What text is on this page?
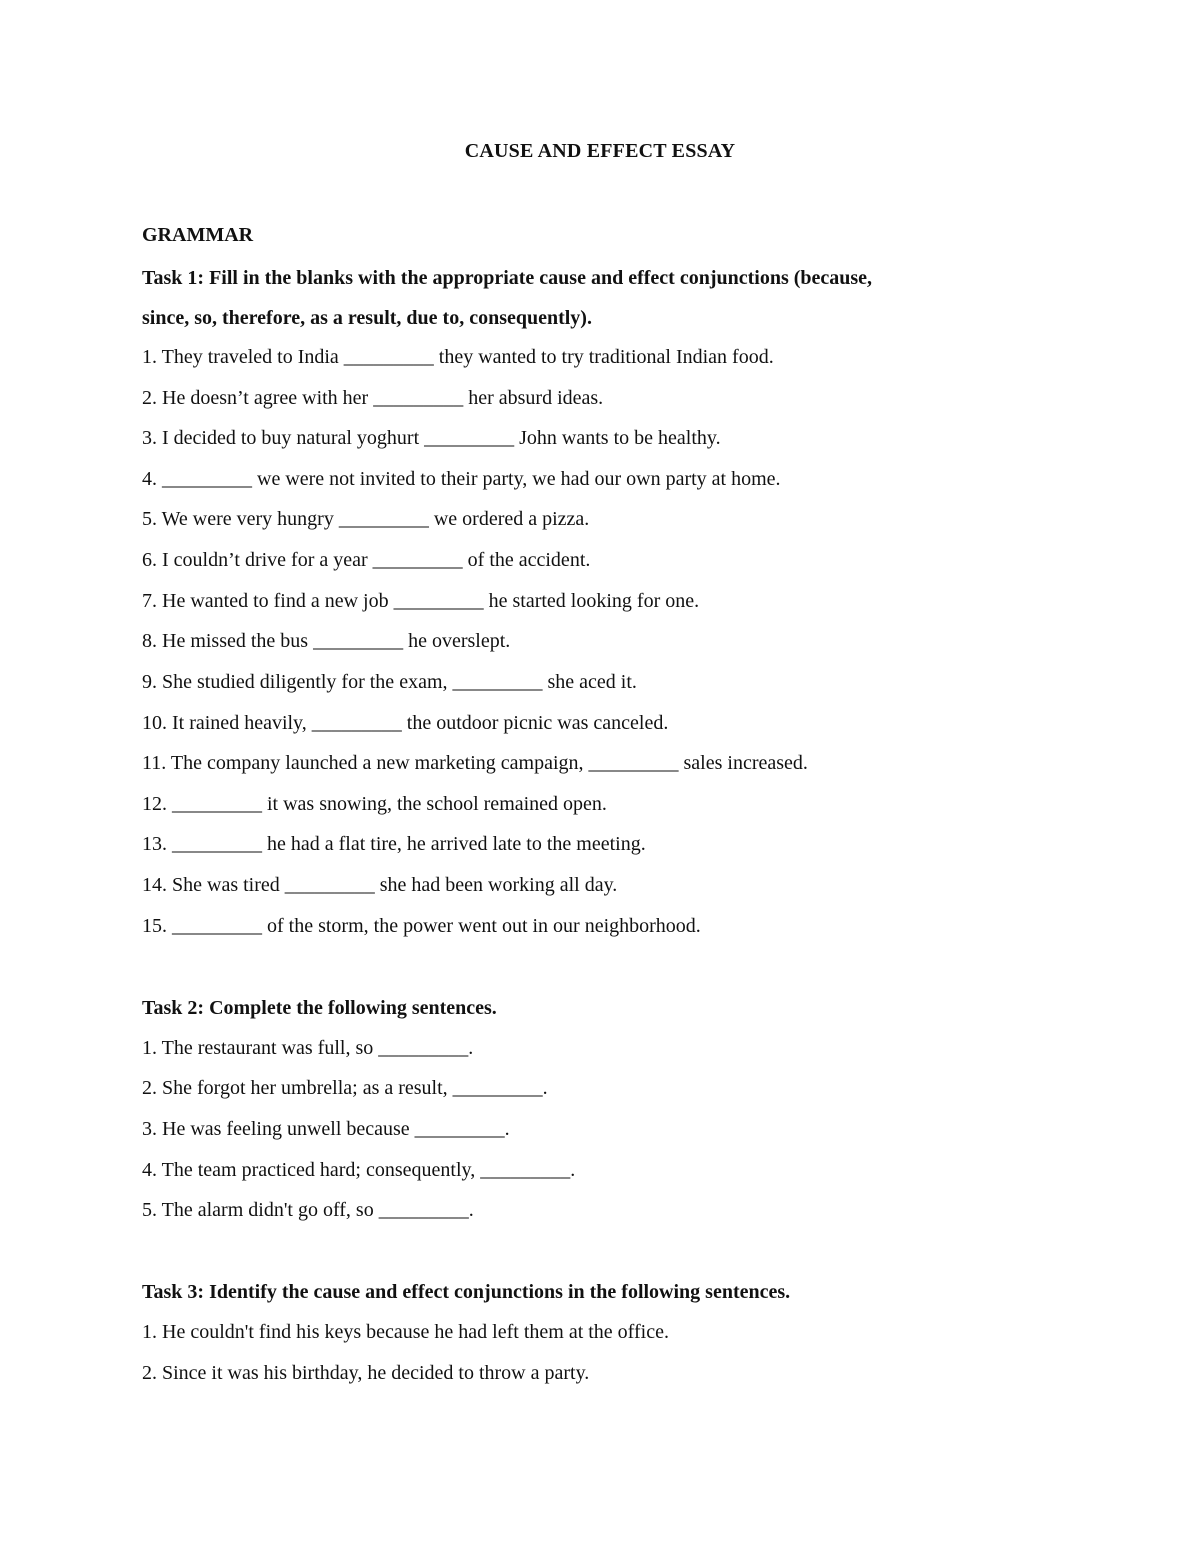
CAUSE AND EFFECT ESSAY
GRAMMAR
Task 1: Fill in the blanks with the appropriate cause and effect conjunctions (because,
since, so, therefore, as a result, due to, consequently).
1. They traveled to India _________ they wanted to try traditional Indian food.
2. He doesn’t agree with her _________ her absurd ideas.
3. I decided to buy natural yoghurt _________ John wants to be healthy.
4. _________ we were not invited to their party, we had our own party at home.
5. We were very hungry _________ we ordered a pizza.
6. I couldn’t drive for a year _________ of the accident.
7. He wanted to find a new job _________ he started looking for one.
8. He missed the bus _________ he overslept.
9. She studied diligently for the exam, _________ she aced it.
10. It rained heavily, _________ the outdoor picnic was canceled.
11. The company launched a new marketing campaign, _________ sales increased.
12. _________ it was snowing, the school remained open.
13. _________ he had a flat tire, he arrived late to the meeting.
14. She was tired _________ she had been working all day.
15. _________ of the storm, the power went out in our neighborhood.
Task 2: Complete the following sentences.
1. The restaurant was full, so _________.
2. She forgot her umbrella; as a result, _________.
3. He was feeling unwell because _________.
4. The team practiced hard; consequently, _________.
5. The alarm didn't go off, so _________.
Task 3: Identify the cause and effect conjunctions in the following sentences.
1. He couldn't find his keys because he had left them at the office.
2. Since it was his birthday, he decided to throw a party.
